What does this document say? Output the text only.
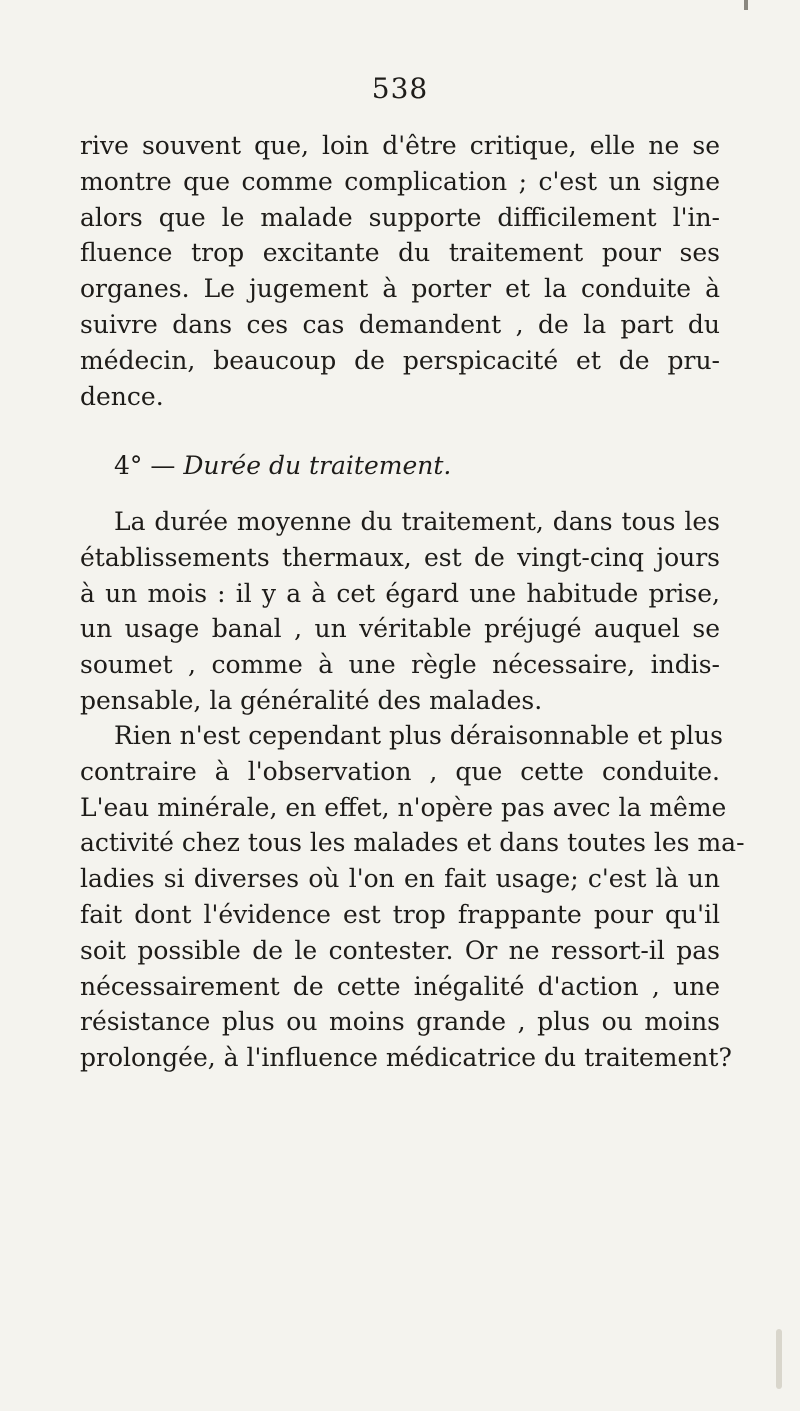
538
rive souvent que, loin d'être critique, elle ne se
montre que comme complication ; c'est un signe
alors que le malade supporte difficilement l'in-
fluence trop excitante du traitement pour ses
organes. Le jugement à porter et la conduite à
suivre dans ces cas demandent , de la part du
médecin, beaucoup de perspicacité et de pru-
dence.
4° — Durée du traitement.
La durée moyenne du traitement, dans tous les
établissements thermaux, est de vingt-cinq jours
à un mois : il y a à cet égard une habitude prise,
un usage banal , un véritable préjugé auquel se
soumet , comme à une règle nécessaire, indis-
pensable, la généralité des malades.
Rien n'est cependant plus déraisonnable et plus
contraire à l'observation , que cette conduite.
L'eau minérale, en effet, n'opère pas avec la même
activité chez tous les malades et dans toutes les ma-
ladies si diverses où l'on en fait usage; c'est là un
fait dont l'évidence est trop frappante pour qu'il
soit possible de le contester. Or ne ressort-il pas
nécessairement de cette inégalité d'action , une
résistance plus ou moins grande , plus ou moins
prolongée, à l'influence médicatrice du traitement?
